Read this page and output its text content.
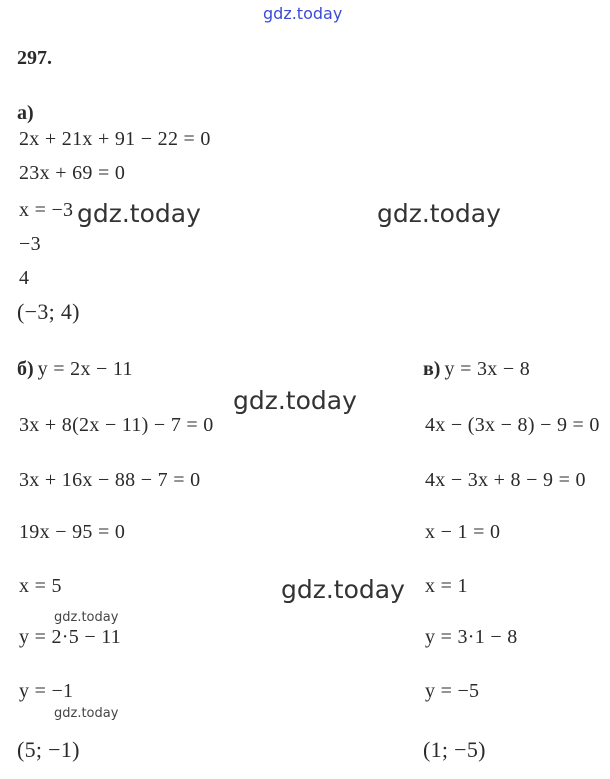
gdz.today
297.
а)
2x + 21x + 91 − 22 = 0
23x + 69 = 0
x = −3
−3
4
(−3; 4)
б) y = 2x − 11
3x + 8(2x − 11) − 7 = 0
3x + 16x − 88 − 7 = 0
19x − 95 = 0
x = 5
y = 2·5 − 11
y = −1
(5; −1)
в) y = 3x − 8
4x − (3x − 8) − 9 = 0
4x − 3x + 8 − 9 = 0
x − 1 = 0
x = 1
y = 3·1 − 8
y = −5
(1; −5)
gdz.today	gdz.today
gdz.today
gdz.today
gdz.today
gdz.today
